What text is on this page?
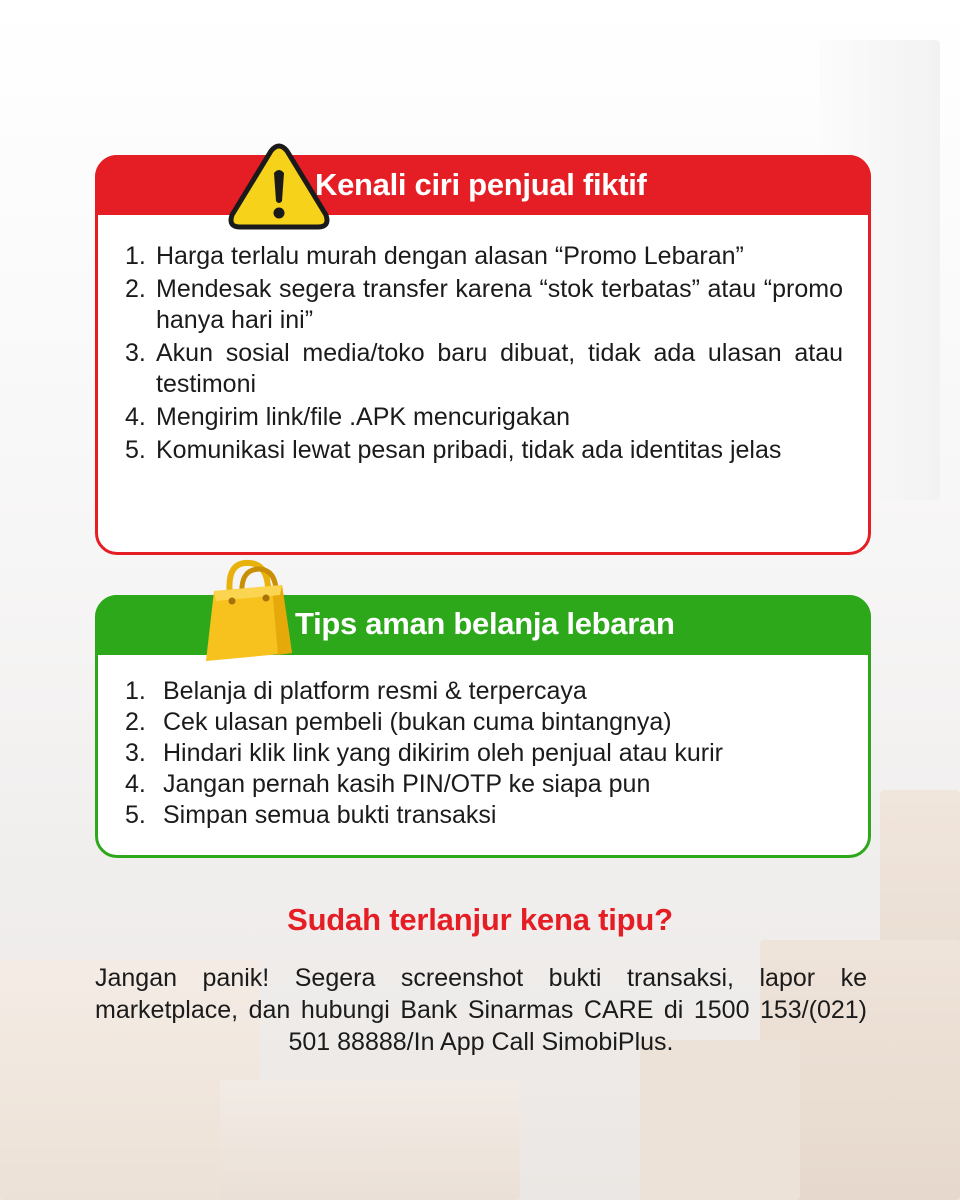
Kenali ciri penjual fiktif
1. Harga terlalu murah dengan alasan “Promo Lebaran”
2. Mendesak segera transfer karena “stok terbatas” atau “promo hanya hari ini”
3. Akun sosial media/toko baru dibuat, tidak ada ulasan atau testimoni
4. Mengirim link/file .APK mencurigakan
5. Komunikasi lewat pesan pribadi, tidak ada identitas jelas
Tips aman belanja lebaran
1. Belanja di platform resmi & terpercaya
2. Cek ulasan pembeli (bukan cuma bintangnya)
3. Hindari klik link yang dikirim oleh penjual atau kurir
4. Jangan pernah kasih PIN/OTP ke siapa pun
5. Simpan semua bukti transaksi
Sudah terlanjur kena tipu?
Jangan panik! Segera screenshot bukti transaksi, lapor ke marketplace, dan hubungi Bank Sinarmas CARE di 1500 153/(021) 501 88888/In App Call SimobiPlus.
